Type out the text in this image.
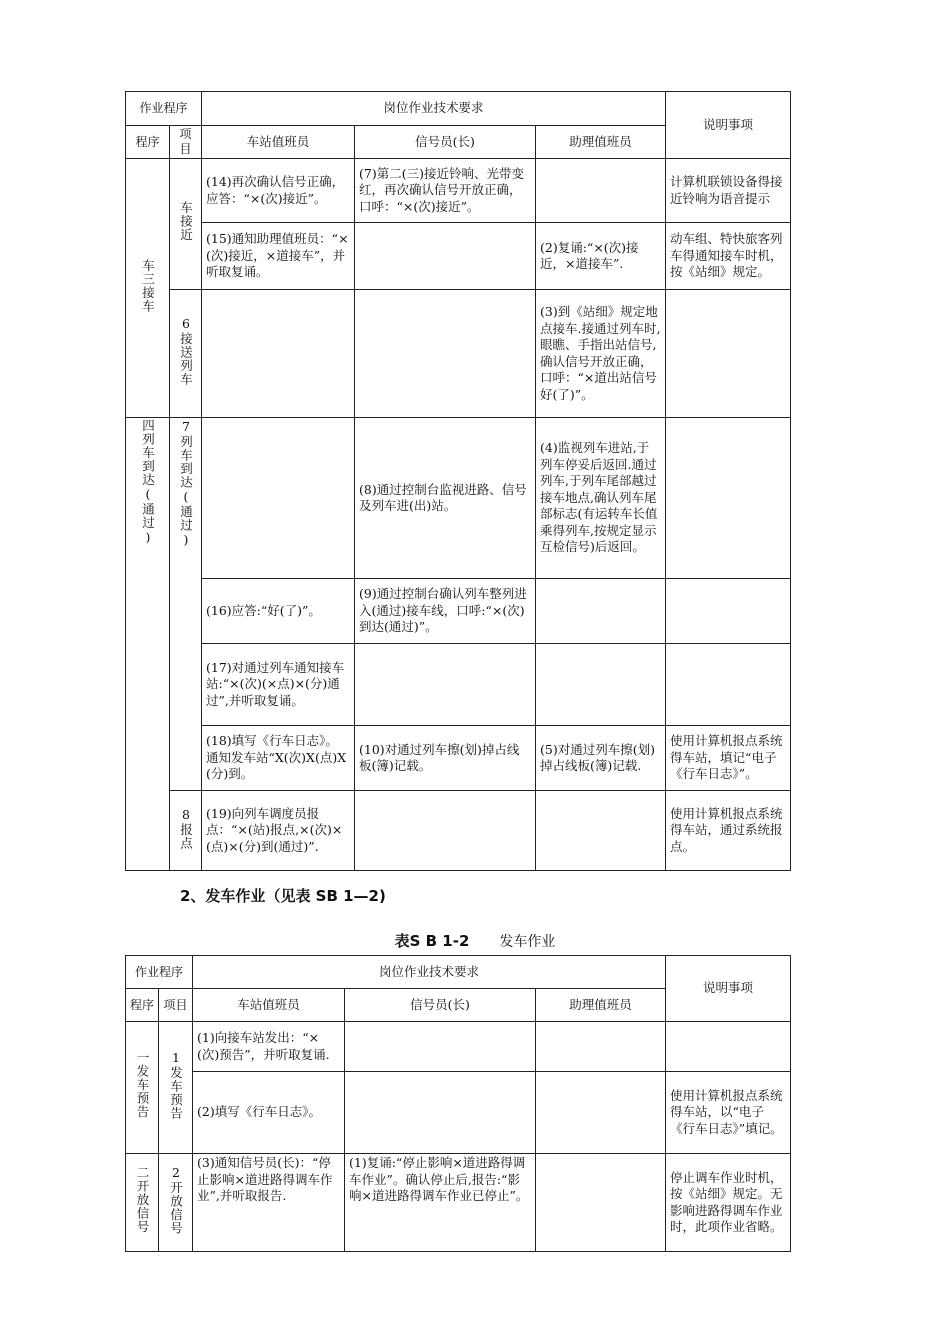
作业程序		岗位作业技术要求			说明事项
程序	项目	车站值班员	信号员(长)	助理值班员	
车三接车	车接近	(14)再次确认信号正确，应答：“×(次)接近”。	(7)第二(三)接近铃响、光带变红，再次确认信号开放正确，口呼：“×(次)接近”。		计算机联锁设备得接近铃响为语音提示
		(15)通知助理值班员：“×(次)接近，×道接车”，并听取复诵。		(2)复诵:“×(次)接近，×道接车”.	动车组、特快旅客列车得通知接车时机，按《站细》规定。
	6接送列车			(3)到《站细》规定地点接车.接通过列车时,眼瞧、手指出站信号,确认信号开放正确，口呼：“×道出站信号好(了)”。	
四列车到达(通过)	7列车到达(通过)		(8)通过控制台监视进路、信号及列车进(出)站。	(4)监视列车进站,于列车停妥后返回.通过列车,于列车尾部越过接车地点,确认列车尾部标志(有运转车长值乘得列车,按规定显示互检信号)后返回。	
		(16)应答:“好(了)”。	(9)通过控制台确认列车整列进入(通过)接车线，口呼:“×(次)到达(通过)”。		
		(17)对通过列车通知接车站:“×(次)(×点)×(分)通过”,并听取复诵。			
		(18)填写《行车日志》。通知发车站“X(次)X(点)X(分)到。	(10)对通过列车擦(划)掉占线板(簿)记载。	(5)对通过列车擦(划)掉占线板(簿)记载.	使用计算机报点系统得车站，填记“电子《行车日志》”。
	8报点	(19)向列车调度员报点：“×(站)报点,×(次)×(点)×(分)到(通过)”.			使用计算机报点系统得车站，通过系统报点。
2、发车作业（见表 SB 1—2)
表S B 1-2 发车作业
作业程序		岗位作业技术要求			说明事项
程序	项目	车站值班员	信号员(长)	助理值班员	
一发车预告	1发车预告	(1)向接车站发出：“×(次)预告”，并听取复诵.			
		(2)填写《行车日志》。			使用计算机报点系统得车站，以“电子《行车日志》”填记。
二开放信号	2开放信号	(3)通知信号员(长)：“停止影响×道进路得调车作业”,并听取报告.	(1)复诵:“停止影响×道进路得调车作业”。确认停止后,报告:“影响×道进路得调车作业已停止”。		停止调车作业时机，按《站细》规定。无影响进路得调车作业时，此项作业省略。
